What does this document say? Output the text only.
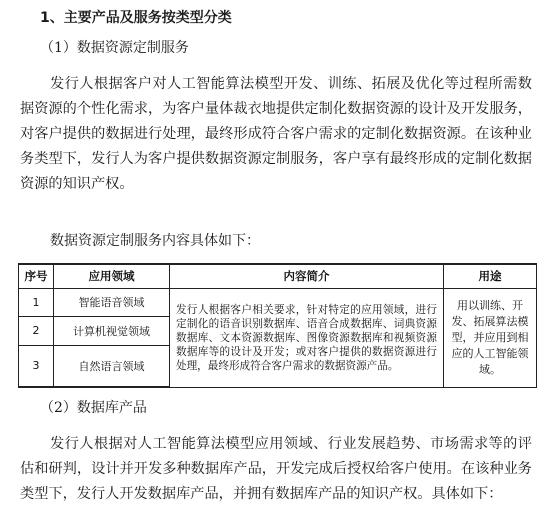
1、主要产品及服务按类型分类
（1）数据资源定制服务

发行人根据客户对人工智能算法模型开发、训练、拓展及优化等过程所需数据资源的个性化需求，为客户量体裁衣地提供定制化数据资源的设计及开发服务，对客户提供的数据进行处理，最终形成符合客户需求的定制化数据资源。在该种业务类型下，发行人为客户提供数据资源定制服务，客户享有最终形成的定制化数据资源的知识产权。

数据资源定制服务内容具体如下：
序号	应用领域	内容简介	用途
1	智能语音领域	发行人根据客户相关要求，针对特定的应用领域，进行定制化的语音识别数据库、语音合成数据库、词典资源数据库、文本资源数据库、图像资源数据库和视频资源数据库等的设计及开发；或对客户提供的数据资源进行处理，最终形成符合客户需求的数据资源产品。	用以训练、开发、拓展算法模型，并应用到相应的人工智能领域。
2	计算机视觉领域		
3	自然语言领域		
（2）数据库产品

发行人根据对人工智能算法模型应用领域、行业发展趋势、市场需求等的评估和研判，设计并开发多种数据库产品，开发完成后授权给客户使用。在该种业务类型下，发行人开发数据库产品，并拥有数据库产品的知识产权。具体如下：
